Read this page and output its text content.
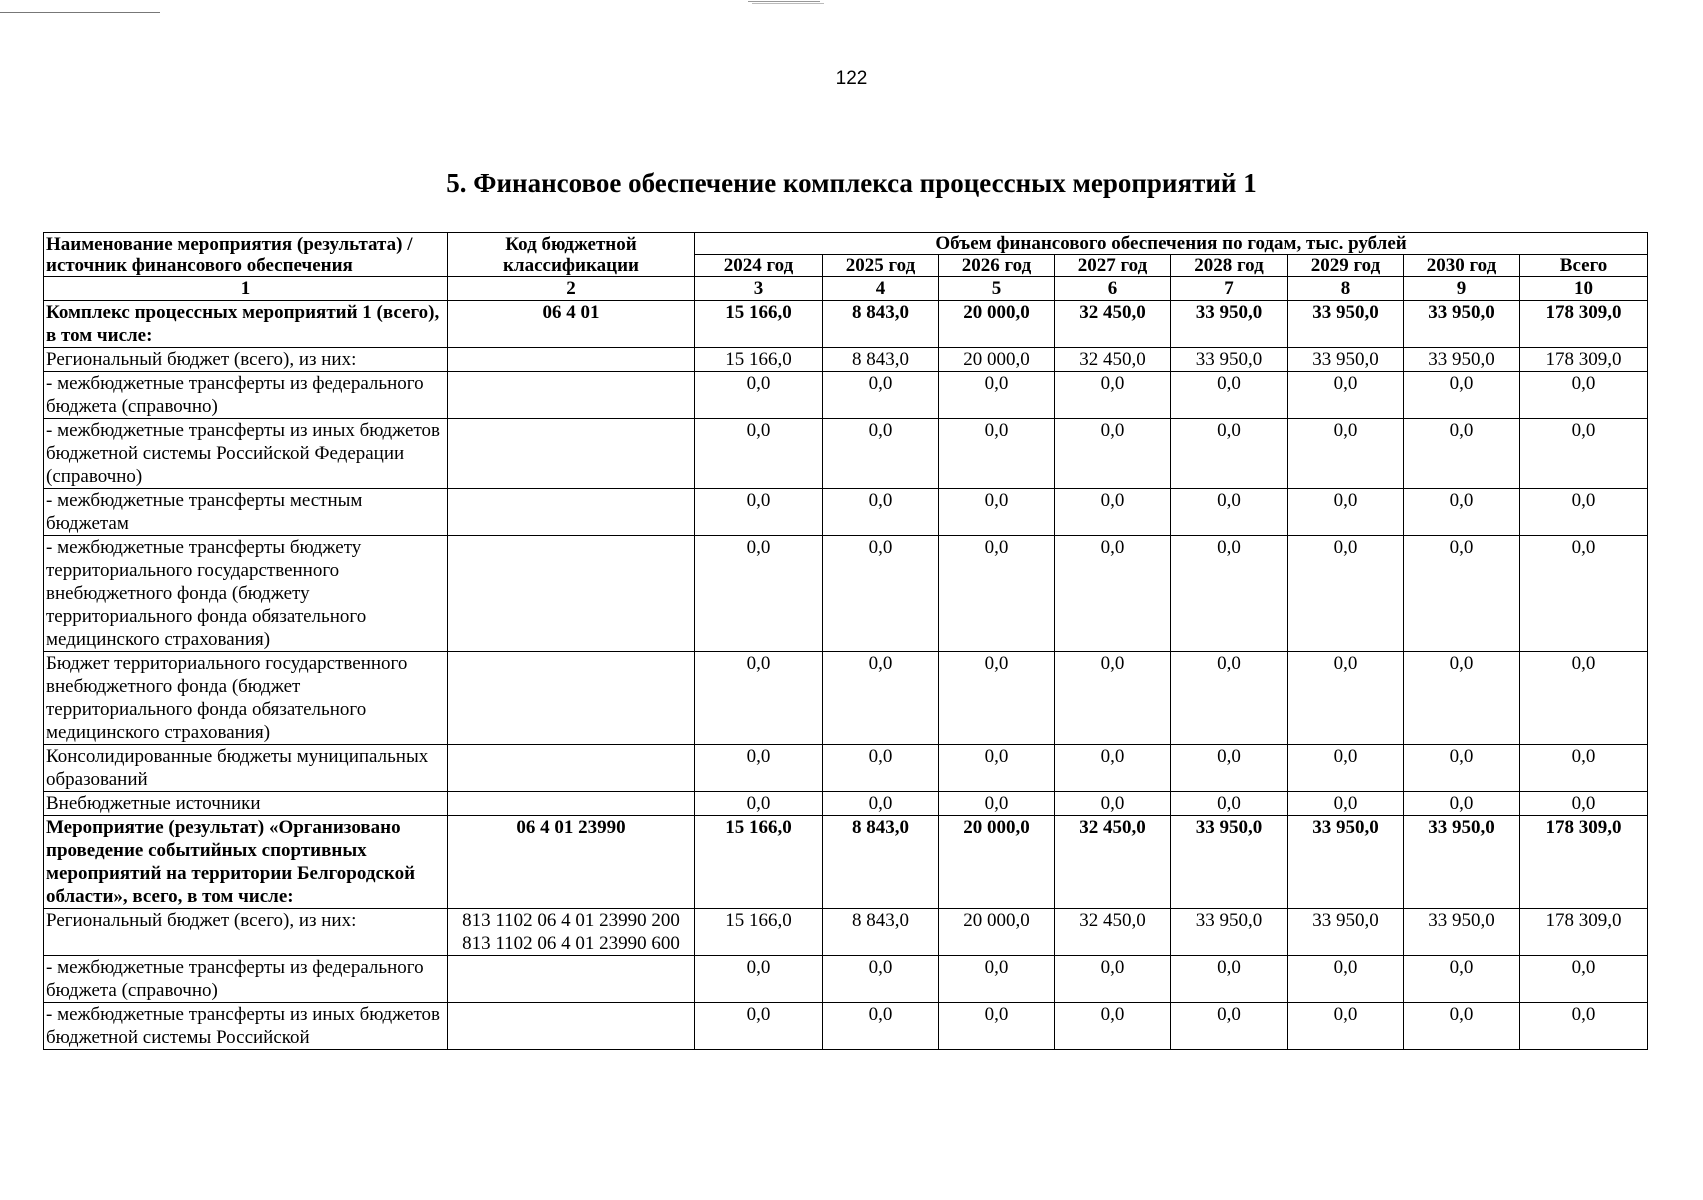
122
5. Финансовое обеспечение комплекса процессных мероприятий 1
Наименование мероприятия (результата) /источник финансового обеспечения	Код бюджетной классификации	Объем финансового обеспечения по годам, тыс. рублей							
		2024 год	2025 год	2026 год	2027 год	2028 год	2029 год	2030 год	Всего
1	2	3	4	5	6	7	8	9	10
Комплекс процессных мероприятий 1 (всего), в том числе:	06 4 01	15 166,0	8 843,0	20 000,0	32 450,0	33 950,0	33 950,0	33 950,0	178 309,0
Региональный бюджет (всего), из них:		15 166,0	8 843,0	20 000,0	32 450,0	33 950,0	33 950,0	33 950,0	178 309,0
- межбюджетные трансферты из федерального бюджета (справочно)		0,0	0,0	0,0	0,0	0,0	0,0	0,0	0,0
- межбюджетные трансферты из иных бюджетов бюджетной системы Российской Федерации (справочно)		0,0	0,0	0,0	0,0	0,0	0,0	0,0	0,0
- межбюджетные трансферты местным бюджетам		0,0	0,0	0,0	0,0	0,0	0,0	0,0	0,0
- межбюджетные трансферты бюджету территориального государственного внебюджетного фонда (бюджету территориального фонда обязательного медицинского страхования)		0,0	0,0	0,0	0,0	0,0	0,0	0,0	0,0
Бюджет территориального государственного внебюджетного фонда (бюджет территориального фонда обязательного медицинского страхования)		0,0	0,0	0,0	0,0	0,0	0,0	0,0	0,0
Консолидированные бюджеты муниципальных образований		0,0	0,0	0,0	0,0	0,0	0,0	0,0	0,0
Внебюджетные источники		0,0	0,0	0,0	0,0	0,0	0,0	0,0	0,0
Мероприятие (результат) «Организовано проведение событийных спортивных мероприятий на территории Белгородской области», всего, в том числе:	06 4 01 23990	15 166,0	8 843,0	20 000,0	32 450,0	33 950,0	33 950,0	33 950,0	178 309,0
Региональный бюджет (всего), из них:	813 1102 06 4 01 23990 200 813 1102 06 4 01 23990 600	15 166,0	8 843,0	20 000,0	32 450,0	33 950,0	33 950,0	33 950,0	178 309,0
- межбюджетные трансферты из федерального бюджета (справочно)		0,0	0,0	0,0	0,0	0,0	0,0	0,0	0,0
- межбюджетные трансферты из иных бюджетов бюджетной системы Российской		0,0	0,0	0,0	0,0	0,0	0,0	0,0	0,0
